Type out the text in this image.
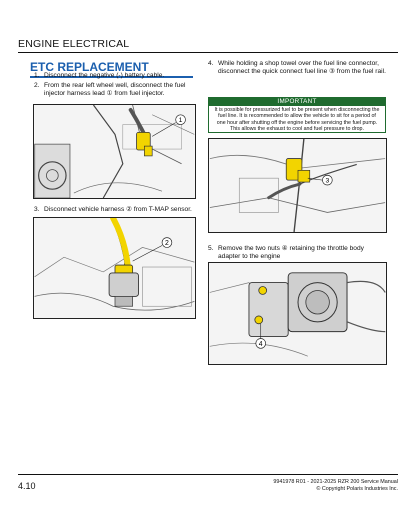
ENGINE ELECTRICAL
ETC REPLACEMENT
1. Disconnect the negative (-) battery cable.
2. From the rear left wheel well, disconnect the fuel injector harness lead ① from fuel injector.
1
3. Disconnect vehicle harness ② from T-MAP sensor.
2
4. While holding a shop towel over the fuel line connector, disconnect the quick connect fuel line ③ from the fuel rail.
IMPORTANT
It is possible for pressurized fuel to be present when disconnecting the fuel line. It is recommended to allow the vehicle to sit for a period of one hour after shutting off the engine before servicing the fuel pump. This allows the exhaust to cool and fuel pressure to drop.
3
5. Remove the two nuts ④ retaining the throttle body adapter to the engine
4
4.10	9941978 R01 - 2021-2025 RZR 200 Service Manual
© Copyright Polaris Industries Inc.
